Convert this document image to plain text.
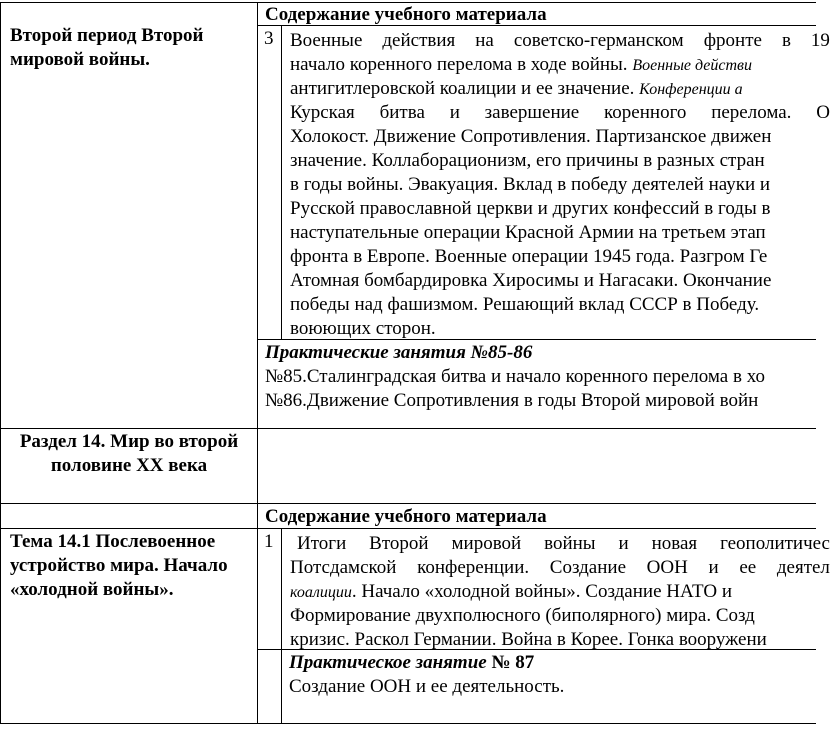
Второй период Второй мировой войны.
Содержание учебного материала
3 Военные действия на советско-германском фронте в 19
начало коренного перелома в ходе войны. Военные действи
антигитлеровской коалиции и ее значение. Конференции а
Курская битва и завершение коренного перелома. О
Холокост. Движение Сопротивления. Партизанское движен
значение. Коллаборационизм, его причины в разных стран
в годы войны. Эвакуация. Вклад в победу деятелей науки и
Русской православной церкви и других конфессий в годы в
наступательные операции Красной Армии на третьем этап
фронта в Европе. Военные операции 1945 года. Разгром Ге
Атомная бомбардировка Хиросимы и Нагасаки. Окончание
победы над фашизмом. Решающий вклад СССР в Победу.
воюющих сторон.
Практические занятия №85-86
№85.Сталинградская битва и начало коренного перелома в хо
№86.Движение Сопротивления в годы Второй мировой войн
Раздел 14. Мир во второй половине XX века
Содержание учебного материала
Тема 14.1 Послевоенное устройство мира. Начало «холодной войны».
1 Итоги Второй мировой войны и новая геополитичес
Потсдамской конференции. Создание ООН и ее деятел
коалиции. Начало «холодной войны». Создание НАТО и
Формирование двухполюсного (биполярного) мира. Созд
кризис. Раскол Германии. Война в Корее. Гонка вооружени
Практическое занятие № 87
Создание ООН и ее деятельность.
